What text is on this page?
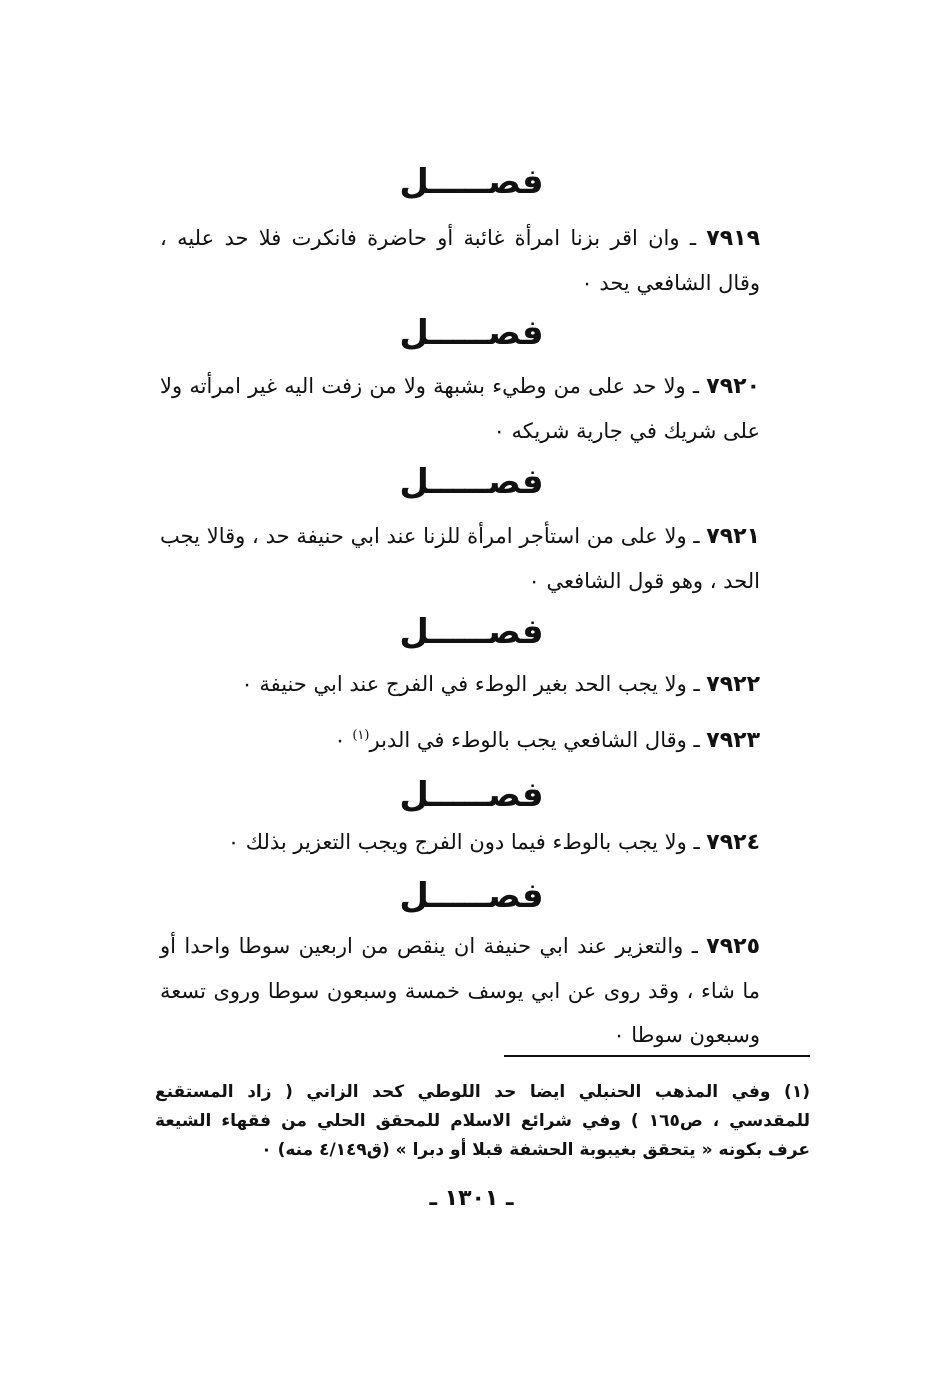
فصـــــل
٧٩١٩ ـ وان اقر بزنا امرأة غائبة أو حاضرة فانكرت فلا حد عليه ، وقال الشافعي يحد ٠
فصـــــل
٧٩٢٠ ـ ولا حد على من وطيء بشبهة ولا من زفت اليه غير امرأته ولا على شريك في جارية شريكه ٠
فصـــــل
٧٩٢١ ـ ولا على من استأجر امرأة للزنا عند ابي حنيفة حد ، وقالا يجب الحد ، وهو قول الشافعي ٠
فصـــــل
٧٩٢٢ ـ ولا يجب الحد بغير الوطء في الفرج عند ابي حنيفة ٠
٧٩٢٣ ـ وقال الشافعي يجب بالوطء في الدبر$^{(١)}$ ٠
فصـــــل
٧٩٢٤ ـ ولا يجب بالوطء فيما دون الفرج ويجب التعزير بذلك ٠
فصـــــل
٧٩٢٥ ـ والتعزير عند ابي حنيفة ان ينقص من اربعين سوطا واحدا أو ما شاء ، وقد روى عن ابي يوسف خمسة وسبعون سوطا وروى تسعة وسبعون سوطا ٠
(١) وفي المذهب الحنبلي ايضا حد اللوطي كحد الزاني ( زاد المستقنع للمقدسي ، ص١٦٥ ) وفي شرائع الاسلام للمحقق الحلي من فقهاء الشيعة عرف بكونه « يتحقق بغيبوبة الحشفة قبلا أو دبرا » (ق٤/١٤٩ منه) ٠
ـ ١٣٠١ ـ
